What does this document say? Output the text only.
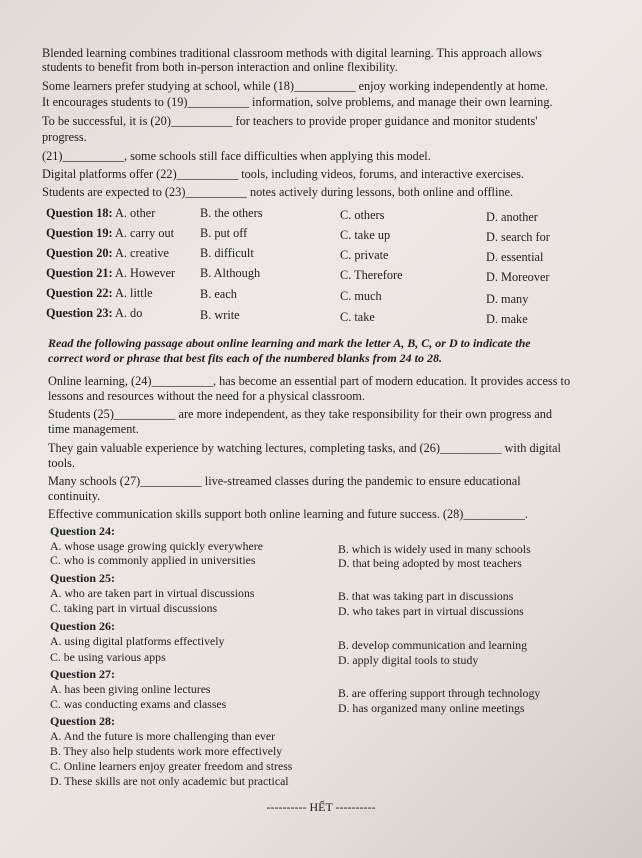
Blended learning combines traditional classroom methods with digital learning. This approach allows
students to benefit from both in-person interaction and online flexibility.
Some learners prefer studying at school, while (18)__________ enjoy working independently at home.
It encourages students to (19)__________ information, solve problems, and manage their own learning.
To be successful, it is (20)__________ for teachers to provide proper guidance and monitor students'
progress.
(21)__________, some schools still face difficulties when applying this model.
Digital platforms offer (22)__________ tools, including videos, forums, and interactive exercises.
Students are expected to (23)__________ notes actively during lessons, both online and offline.
Question 18: A. other	B. the others	C. others	D. another
Question 19: A. carry out B. put off	C. take up	D. search for
Question 20: A. creative	B. difficult	C. private	D. essential
Question 21: A. However B. Although	C. Therefore	D. Moreover
Question 22: A. little	B. each	C. much	D. many
Question 23: A. do	B. write	C. take	D. make
Read the following passage about online learning and mark the letter A, B, C, or D to indicate the
correct word or phrase that best fits each of the numbered blanks from 24 to 28.
Online learning, (24)__________, has become an essential part of modern education. It provides access to
lessons and resources without the need for a physical classroom.
Students (25)__________ are more independent, as they take responsibility for their own progress and
time management.
They gain valuable experience by watching lectures, completing tasks, and (26)__________ with digital
tools.
Many schools (27)__________ live-streamed classes during the pandemic to ensure educational
continuity.
Effective communication skills support both online learning and future success. (28)__________.
Question 24:
A. whose usage growing quickly everywhere	B. which is widely used in many schools
C. who is commonly applied in universities	D. that being adopted by most teachers
Question 25:
A. who are taken part in virtual discussions	B. that was taking part in discussions
C. taking part in virtual discussions	D. who takes part in virtual discussions
Question 26:
A. using digital platforms effectively	B. develop communication and learning
C. be using various apps	D. apply digital tools to study
Question 27:
A. has been giving online lectures	B. are offering support through technology
C. was conducting exams and classes	D. has organized many online meetings
Question 28:
A. And the future is more challenging than ever
B. They also help students work more effectively
C. Online learners enjoy greater freedom and stress
D. These skills are not only academic but practical
---------- HẾT ----------
